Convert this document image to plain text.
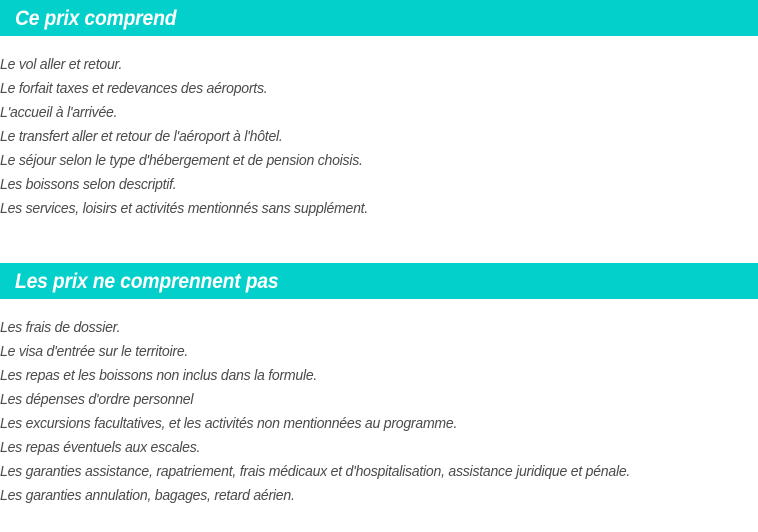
Ce prix comprend
Le vol aller et retour.
Le forfait taxes et redevances des aéroports.
L'accueil à l'arrivée.
Le transfert aller et retour de l'aéroport à l'hôtel.
Le séjour selon le type d'hébergement et de pension choisis.
Les boissons selon descriptif.
Les services, loisirs et activités mentionnés sans supplément.
Les prix ne comprennent pas
Les frais de dossier.
Le visa d'entrée sur le territoire.
Les repas et les boissons non inclus dans la formule.
Les dépenses d'ordre personnel
Les excursions facultatives, et les activités non mentionnées au programme.
Les repas éventuels aux escales.
Les garanties assistance, rapatriement, frais médicaux et d'hospitalisation, assistance juridique et pénale.
Les garanties annulation, bagages, retard aérien.
